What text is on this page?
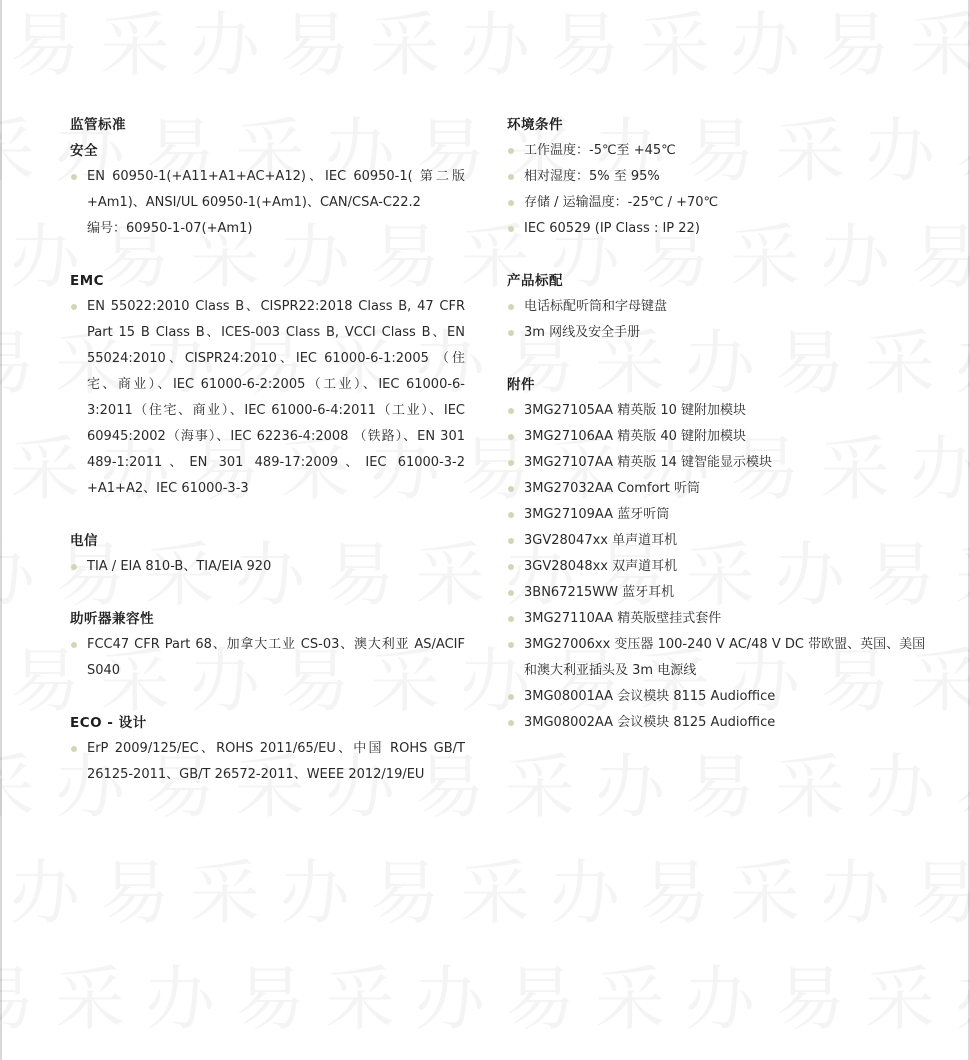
监管标准
安全
EN 60950-1(+A11+A1+AC+A12)、IEC 60950-1( 第二版 +Am1)、ANSI/UL 60950-1(+Am1)、CAN/CSA-C22.2
编号：60950-1-07(+Am1)
EMC
EN 55022:2010 Class B、CISPR22:2018 Class B, 47 CFR Part 15 B Class B、ICES-003 Class B, VCCI Class B、EN 55024:2010、CISPR24:2010、IEC 61000-6-1:2005 （住宅、商业）、IEC 61000-6-2:2005（工业）、IEC 61000-6-3:2011（住宅、商业）、IEC 61000-6-4:2011（工业）、IEC 60945:2002（海事）、IEC 62236-4:2008 （铁路）、EN 301 489-1:2011、EN 301 489-17:2009、IEC 61000-3-2 +A1+A2、IEC 61000-3-3
电信
TIA / EIA 810-B、TIA/EIA 920
助听器兼容性
FCC47 CFR Part 68、加拿大工业 CS-03、澳大利亚 AS/ACIF S040
ECO - 设计
ErP 2009/125/EC、ROHS 2011/65/EU、中国 ROHS GB/T 26125-2011、GB/T 26572-2011、WEEE 2012/19/EU
环境条件
工作温度：-5℃至 +45℃
相对湿度：5% 至 95%
存储 / 运输温度：-25℃ / +70℃
IEC 60529 (IP Class : IP 22)
产品标配
电话标配听筒和字母键盘
3m 网线及安全手册
附件
3MG27105AA 精英版 10 键附加模块
3MG27106AA 精英版 40 键附加模块
3MG27107AA 精英版 14 键智能显示模块
3MG27032AA Comfort 听筒
3MG27109AA 蓝牙听筒
3GV28047xx 单声道耳机
3GV28048xx 双声道耳机
3BN67215WW 蓝牙耳机
3MG27110AA 精英版壁挂式套件
3MG27006xx 变压器 100-240 V AC/48 V DC 带欧盟、英国、美国和澳大利亚插头及 3m 电源线
3MG08001AA 会议模块 8115 Audioffice
3MG08002AA 会议模块 8125 Audioffice
